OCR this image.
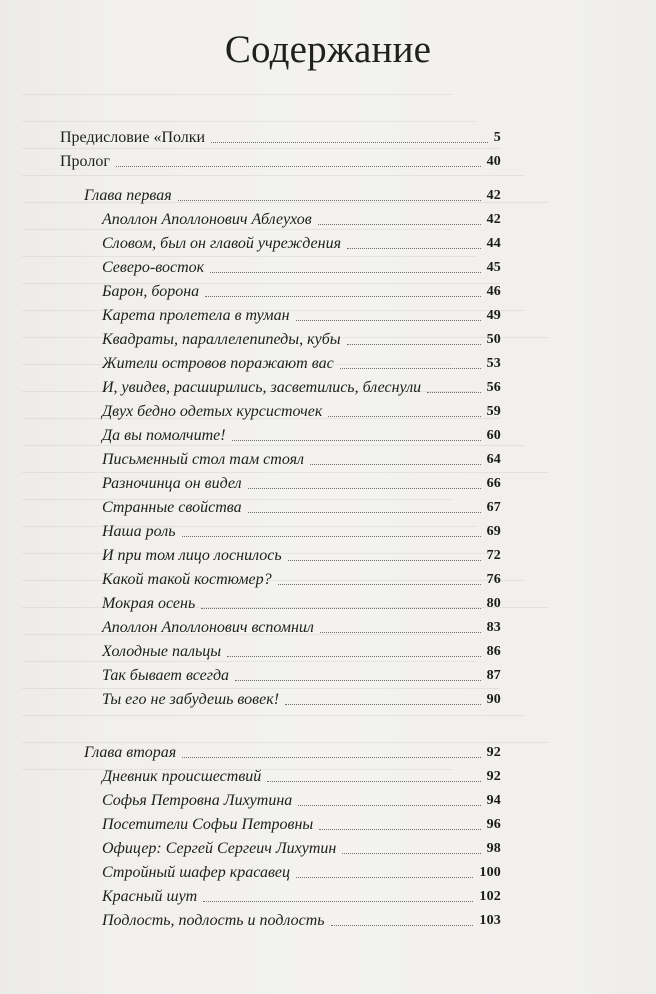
Содержание
Предисловие «Полки	5
Пролог	40
Глава первая	42
Аполлон Аполлонович Аблеухов	42
Словом, был он главой учреждения	44
Северо-восток	45
Барон, борона	46
Карета пролетела в туман	49
Квадраты, параллелепипеды, кубы	50
Жители островов поражают вас	53
И, увидев, расширились, засветились, блеснули	56
Двух бедно одетых курсисточек	59
Да вы помолчите!	60
Письменный стол там стоял	64
Разночинца он видел	66
Странные свойства	67
Наша роль	69
И при том лицо лоснилось	72
Какой такой костюмер?	76
Мокрая осень	80
Аполлон Аполлонович вспомнил	83
Холодные пальцы	86
Так бывает всегда	87
Ты его не забудешь вовек!	90
Глава вторая	92
Дневник происшествий	92
Софья Петровна Лихутина	94
Посетители Софьи Петровны	96
Офицер: Сергей Сергеич Лихутин	98
Стройный шафер красавец	100
Красный шут	102
Подлость, подлость и подлость	103
